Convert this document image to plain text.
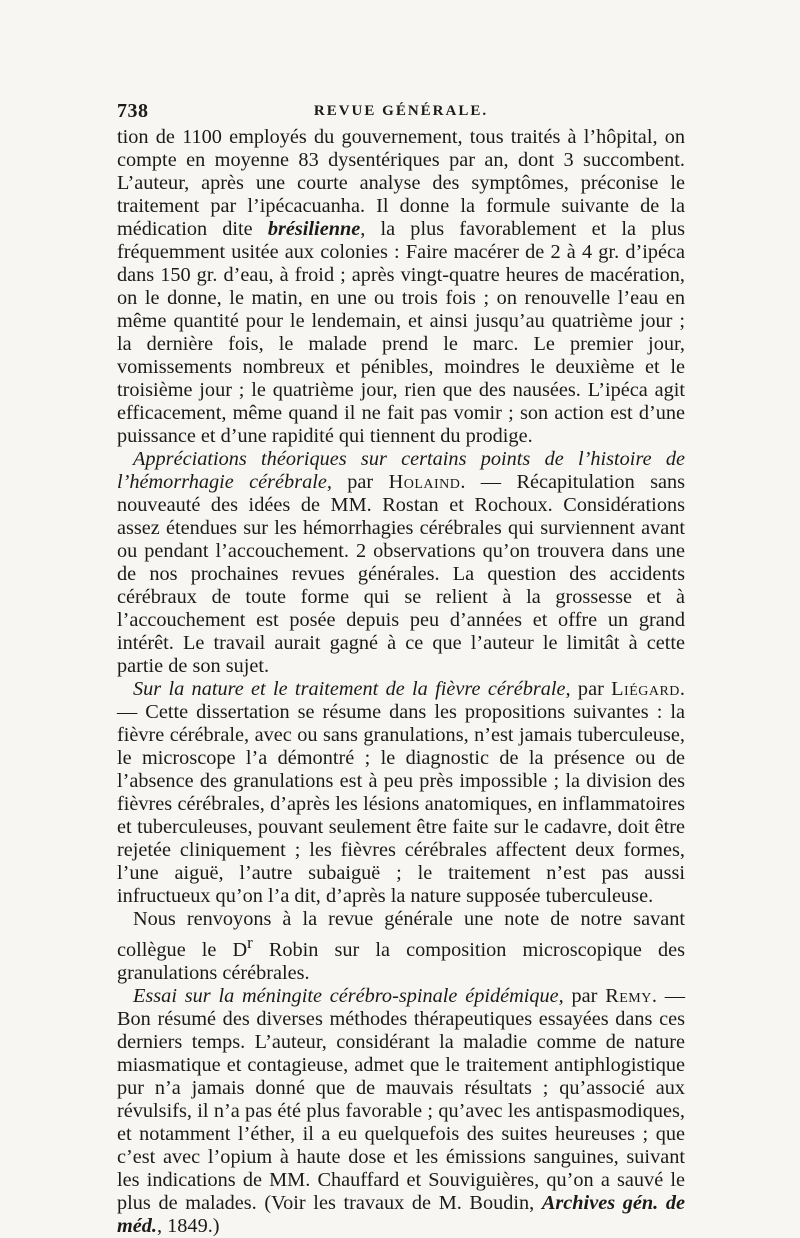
738	REVUE GÉNÉRALE.

tion de 1100 employés du gouvernement, tous traités à l’hôpital, on compte en moyenne 83 dysentériques par an, dont 3 succombent. L’auteur, après une courte analyse des symptômes, préconise le traitement par l’ipécacuanha. Il donne la formule suivante de la médication dite brésilienne, la plus favorablement et la plus fréquemment usitée aux colonies : Faire macérer de 2 à 4 gr. d’ipéca dans 150 gr. d’eau, à froid ; après vingt-quatre heures de macération, on le donne, le matin, en une ou trois fois ; on renouvelle l’eau en même quantité pour le lendemain, et ainsi jusqu’au quatrième jour ; la dernière fois, le malade prend le marc. Le premier jour, vomissements nombreux et pénibles, moindres le deuxième et le troisième jour ; le quatrième jour, rien que des nausées. L’ipéca agit efficacement, même quand il ne fait pas vomir ; son action est d’une puissance et d’une rapidité qui tiennent du prodige.

Appréciations théoriques sur certains points de l’histoire de l’hémorrhagie cérébrale, par Holaind. — Récapitulation sans nouveauté des idées de MM. Rostan et Rochoux. Considérations assez étendues sur les hémorrhagies cérébrales qui surviennent avant ou pendant l’accouchement. 2 observations qu’on trouvera dans une de nos prochaines revues générales. La question des accidents cérébraux de toute forme qui se relient à la grossesse et à l’accouchement est posée depuis peu d’années et offre un grand intérêt. Le travail aurait gagné à ce que l’auteur le limitât à cette partie de son sujet.

Sur la nature et le traitement de la fièvre cérébrale, par Liégard. — Cette dissertation se résume dans les propositions suivantes : la fièvre cérébrale, avec ou sans granulations, n’est jamais tuberculeuse, le microscope l’a démontré ; le diagnostic de la présence ou de l’absence des granulations est à peu près impossible ; la division des fièvres cérébrales, d’après les lésions anatomiques, en inflammatoires et tuberculeuses, pouvant seulement être faite sur le cadavre, doit être rejetée cliniquement ; les fièvres cérébrales affectent deux formes, l’une aiguë, l’autre subaiguë ; le traitement n’est pas aussi infructueux qu’on l’a dit, d’après la nature supposée tuberculeuse.

Nous renvoyons à la revue générale une note de notre savant collègue le $D^r$ Robin sur la composition microscopique des granulations cérébrales.

Essai sur la méningite cérébro-spinale épidémique, par Remy. — Bon résumé des diverses méthodes thérapeutiques essayées dans ces derniers temps. L’auteur, considérant la maladie comme de nature miasmatique et contagieuse, admet que le traitement antiphlogistique pur n’a jamais donné que de mauvais résultats ; qu’associé aux révulsifs, il n’a pas été plus favorable ; qu’avec les antispasmodiques, et notamment l’éther, il a eu quelquefois des suites heureuses ; que c’est avec l’opium à haute dose et les émissions sanguines, suivant les indications de MM. Chauffard et Souviguières, qu’on a sauvé le plus de malades. (Voir les travaux de M. Boudin, Archives gén. de méd., 1849.)
